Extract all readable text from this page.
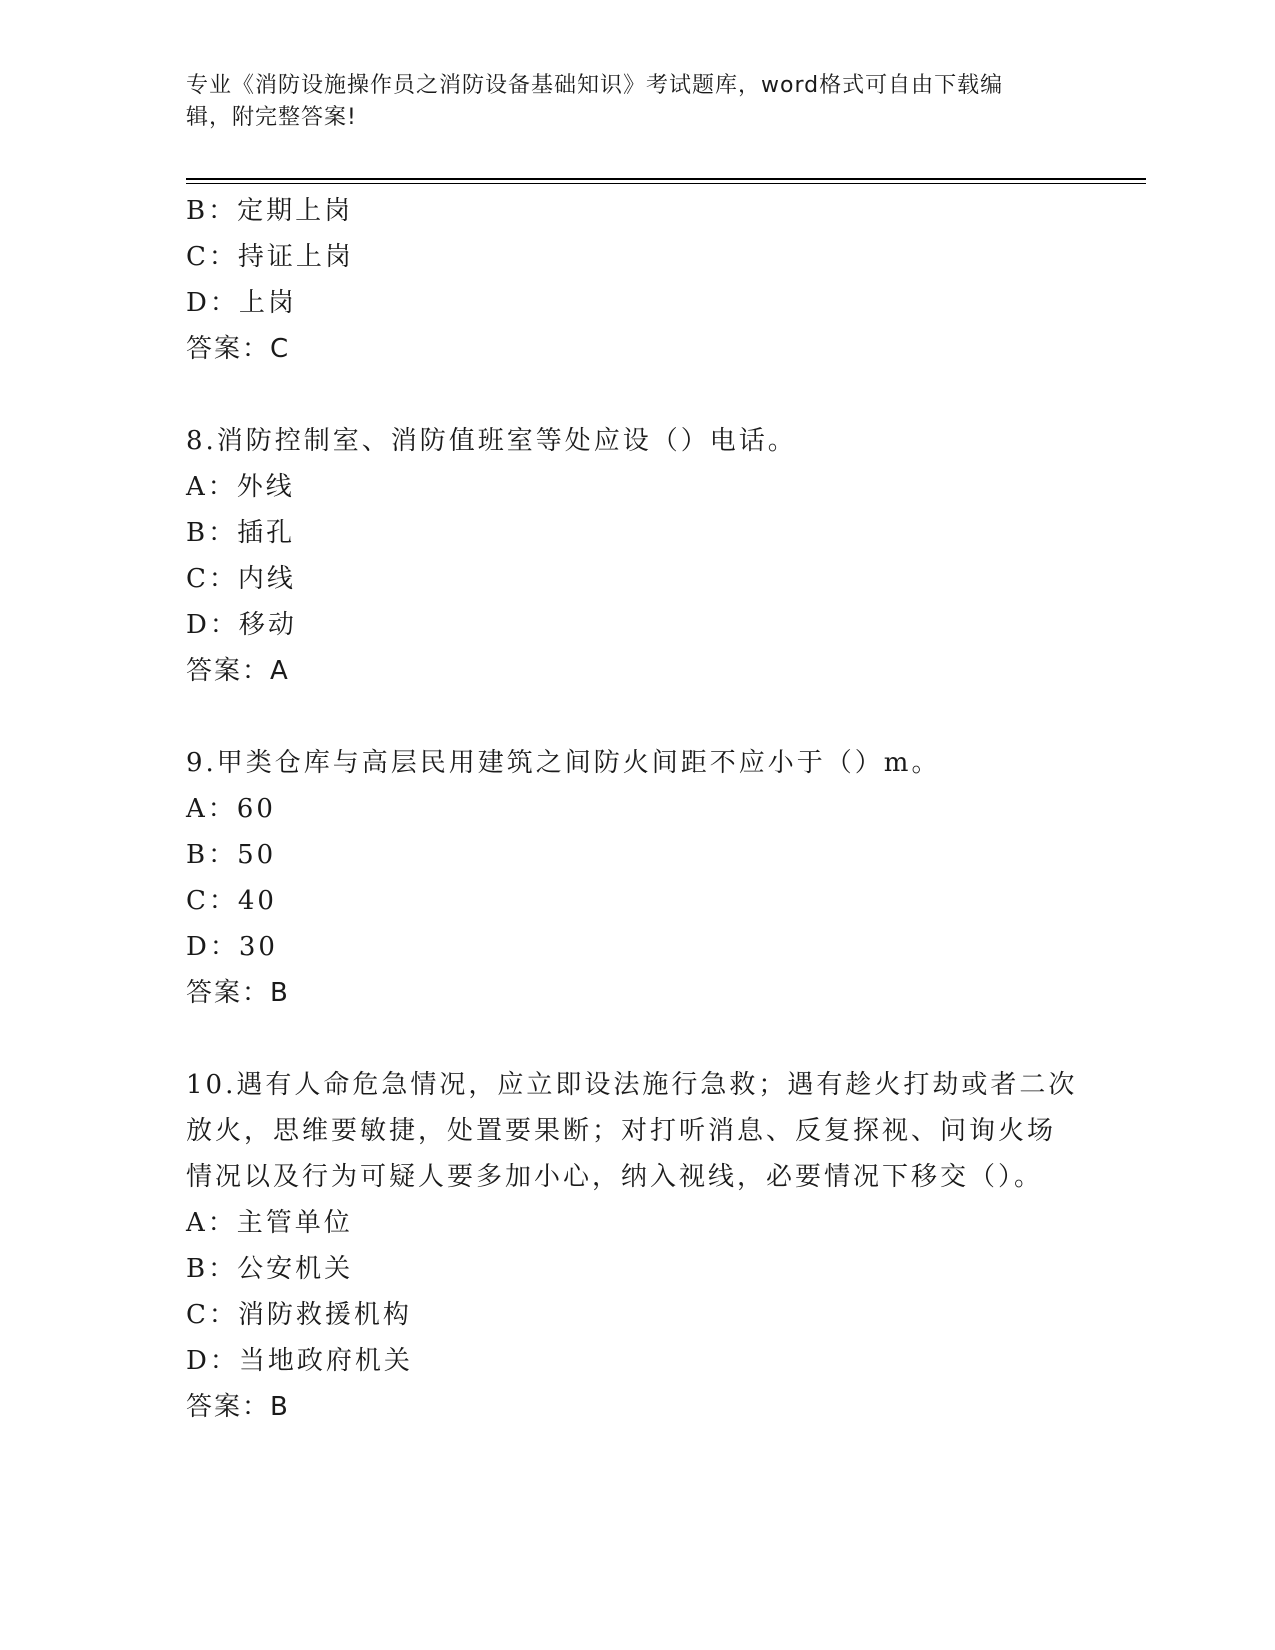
专业《消防设施操作员之消防设备基础知识》考试题库，word格式可自由下载编
辑，附完整答案!
B：定期上岗
C：持证上岗
D：上岗
答案：C
8.消防控制室、消防值班室等处应设（）电话。
A：外线
B：插孔
C：内线
D：移动
答案：A
9.甲类仓库与高层民用建筑之间防火间距不应小于（）m。
A：60
B：50
C：40
D：30
答案：B
10.遇有人命危急情况，应立即设法施行急救；遇有趁火打劫或者二次
放火，思维要敏捷，处置要果断；对打听消息、反复探视、问询火场
情况以及行为可疑人要多加小心，纳入视线，必要情况下移交（）。
A：主管单位
B：公安机关
C：消防救援机构
D：当地政府机关
答案：B
